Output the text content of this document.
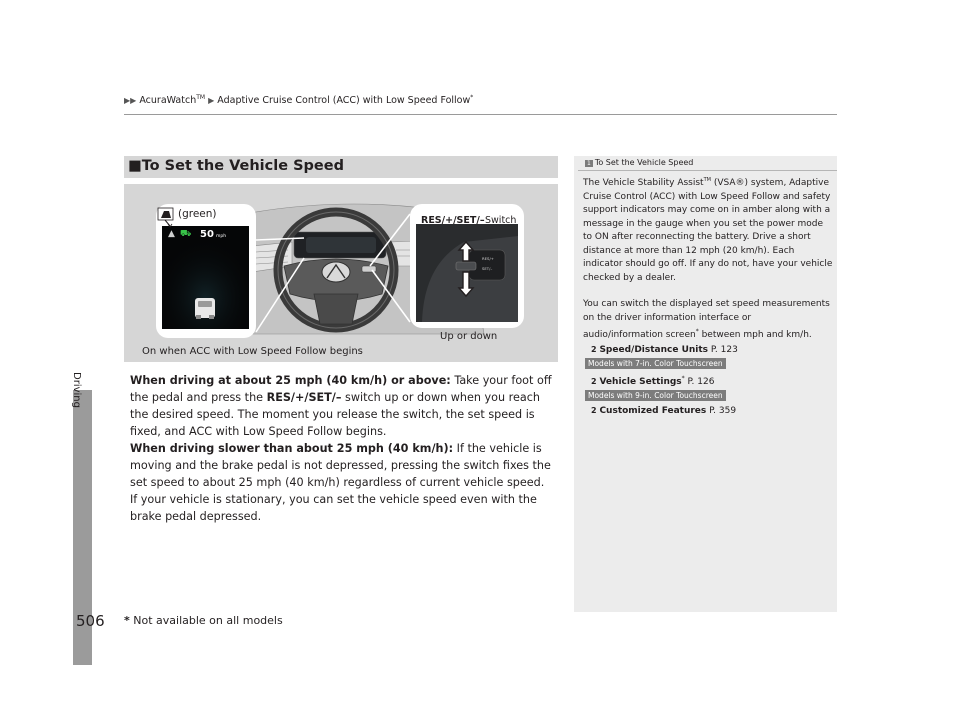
▶▶ AcuraWatch™ ▶ Adaptive Cruise Control (ACC) with Low Speed Follow*
Driving
506 * Not available on all models
■To Set the Vehicle Speed
▲ ⛟ 50 mph
(green)
RES/+
SET/–
RES/+/SET/– Switch
Up or down
On when ACC with Low Speed Follow begins

When driving at about 25 mph (40 km/h) or above: Take your foot off the pedal and press the RES/+/SET/– switch up or down when you reach the desired speed. The moment you release the switch, the set speed is fixed, and ACC with Low Speed Follow begins.

When driving slower than about 25 mph (40 km/h): If the vehicle is moving and the brake pedal is not depressed, pressing the switch fixes the set speed to about 25 mph (40 km/h) regardless of current vehicle speed. If your vehicle is stationary, you can set the vehicle speed even with the brake pedal depressed.

1 To Set the Vehicle Speed

The Vehicle Stability Assist™ (VSA®) system, Adaptive Cruise Control (ACC) with Low Speed Follow and safety support indicators may come on in amber along with a message in the gauge when you set the power mode to ON after reconnecting the battery. Drive a short distance at more than 12 mph (20 km/h). Each indicator should go off. If any do not, have your vehicle checked by a dealer.

You can switch the displayed set speed measurements on the driver information interface or audio/information screen* between mph and km/h.

2 Speed/Distance Units P. 123
Models with 7-in. Color Touchscreen
2 Vehicle Settings* P. 126
Models with 9-in. Color Touchscreen
2 Customized Features P. 359
